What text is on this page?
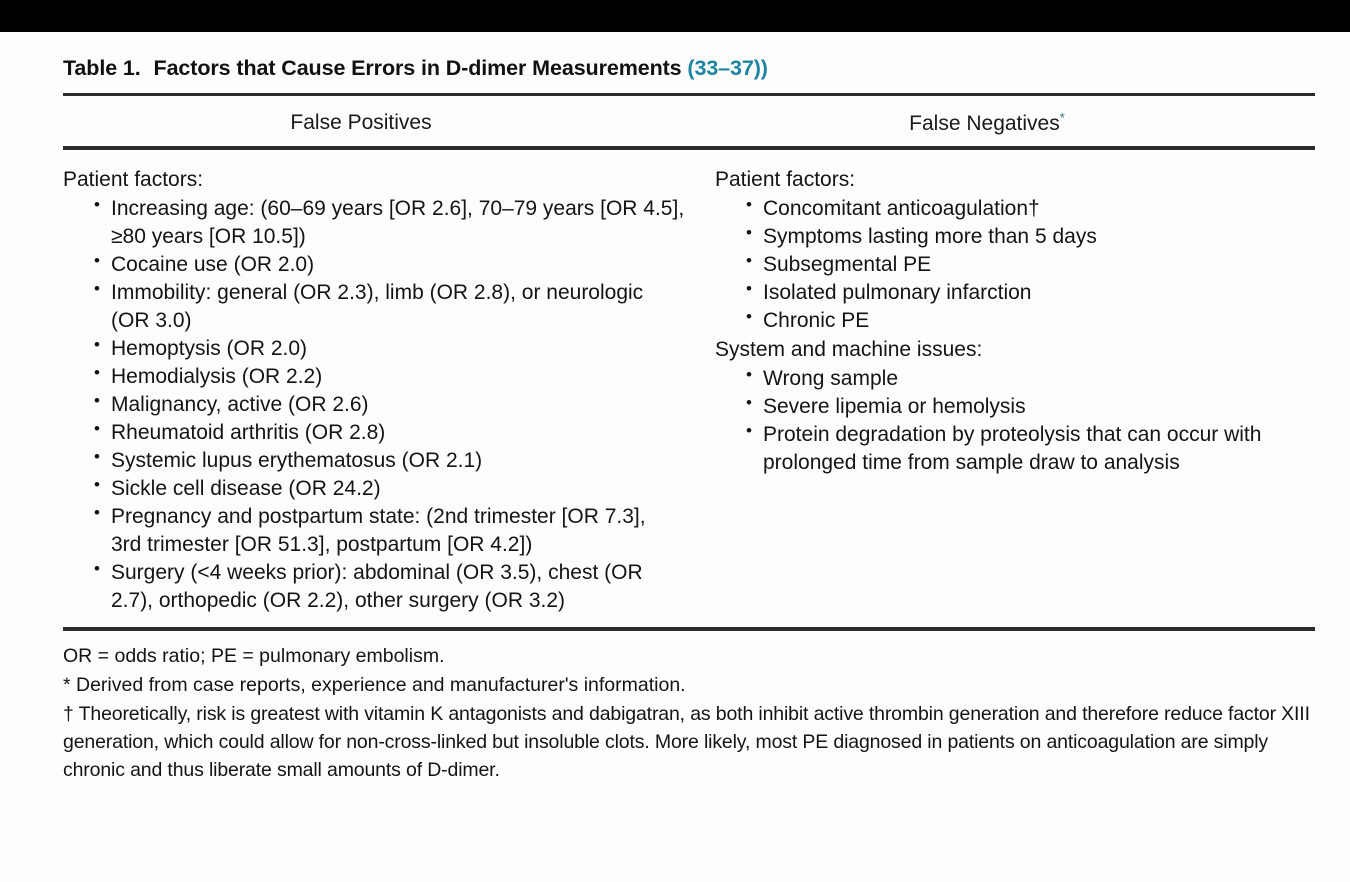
Table 1. Factors that Cause Errors in D-dimer Measurements (33–37))
False Positives	False Negatives*
Patient factors:
• Increasing age: (60–69 years [OR 2.6], 70–79 years [OR 4.5],
≥80 years [OR 10.5])
• Cocaine use (OR 2.0)
• Immobility: general (OR 2.3), limb (OR 2.8), or neurologic
(OR 3.0)
• Hemoptysis (OR 2.0)
• Hemodialysis (OR 2.2)
• Malignancy, active (OR 2.6)
• Rheumatoid arthritis (OR 2.8)
• Systemic lupus erythematosus (OR 2.1)
• Sickle cell disease (OR 24.2)
• Pregnancy and postpartum state: (2nd trimester [OR 7.3],
3rd trimester [OR 51.3], postpartum [OR 4.2])
• Surgery (<4 weeks prior): abdominal (OR 3.5), chest (OR
2.7), orthopedic (OR 2.2), other surgery (OR 3.2)
Patient factors:
• Concomitant anticoagulation†
• Symptoms lasting more than 5 days
• Subsegmental PE
• Isolated pulmonary infarction
• Chronic PE
System and machine issues:
• Wrong sample
• Severe lipemia or hemolysis
• Protein degradation by proteolysis that can occur with
prolonged time from sample draw to analysis

OR = odds ratio; PE = pulmonary embolism.

* Derived from case reports, experience and manufacturer's information.

† Theoretically, risk is greatest with vitamin K antagonists and dabigatran, as both inhibit active thrombin generation and therefore reduce factor XIII generation, which could allow for non-cross-linked but insoluble clots. More likely, most PE diagnosed in patients on anticoagulation are simply chronic and thus liberate small amounts of D-dimer.
